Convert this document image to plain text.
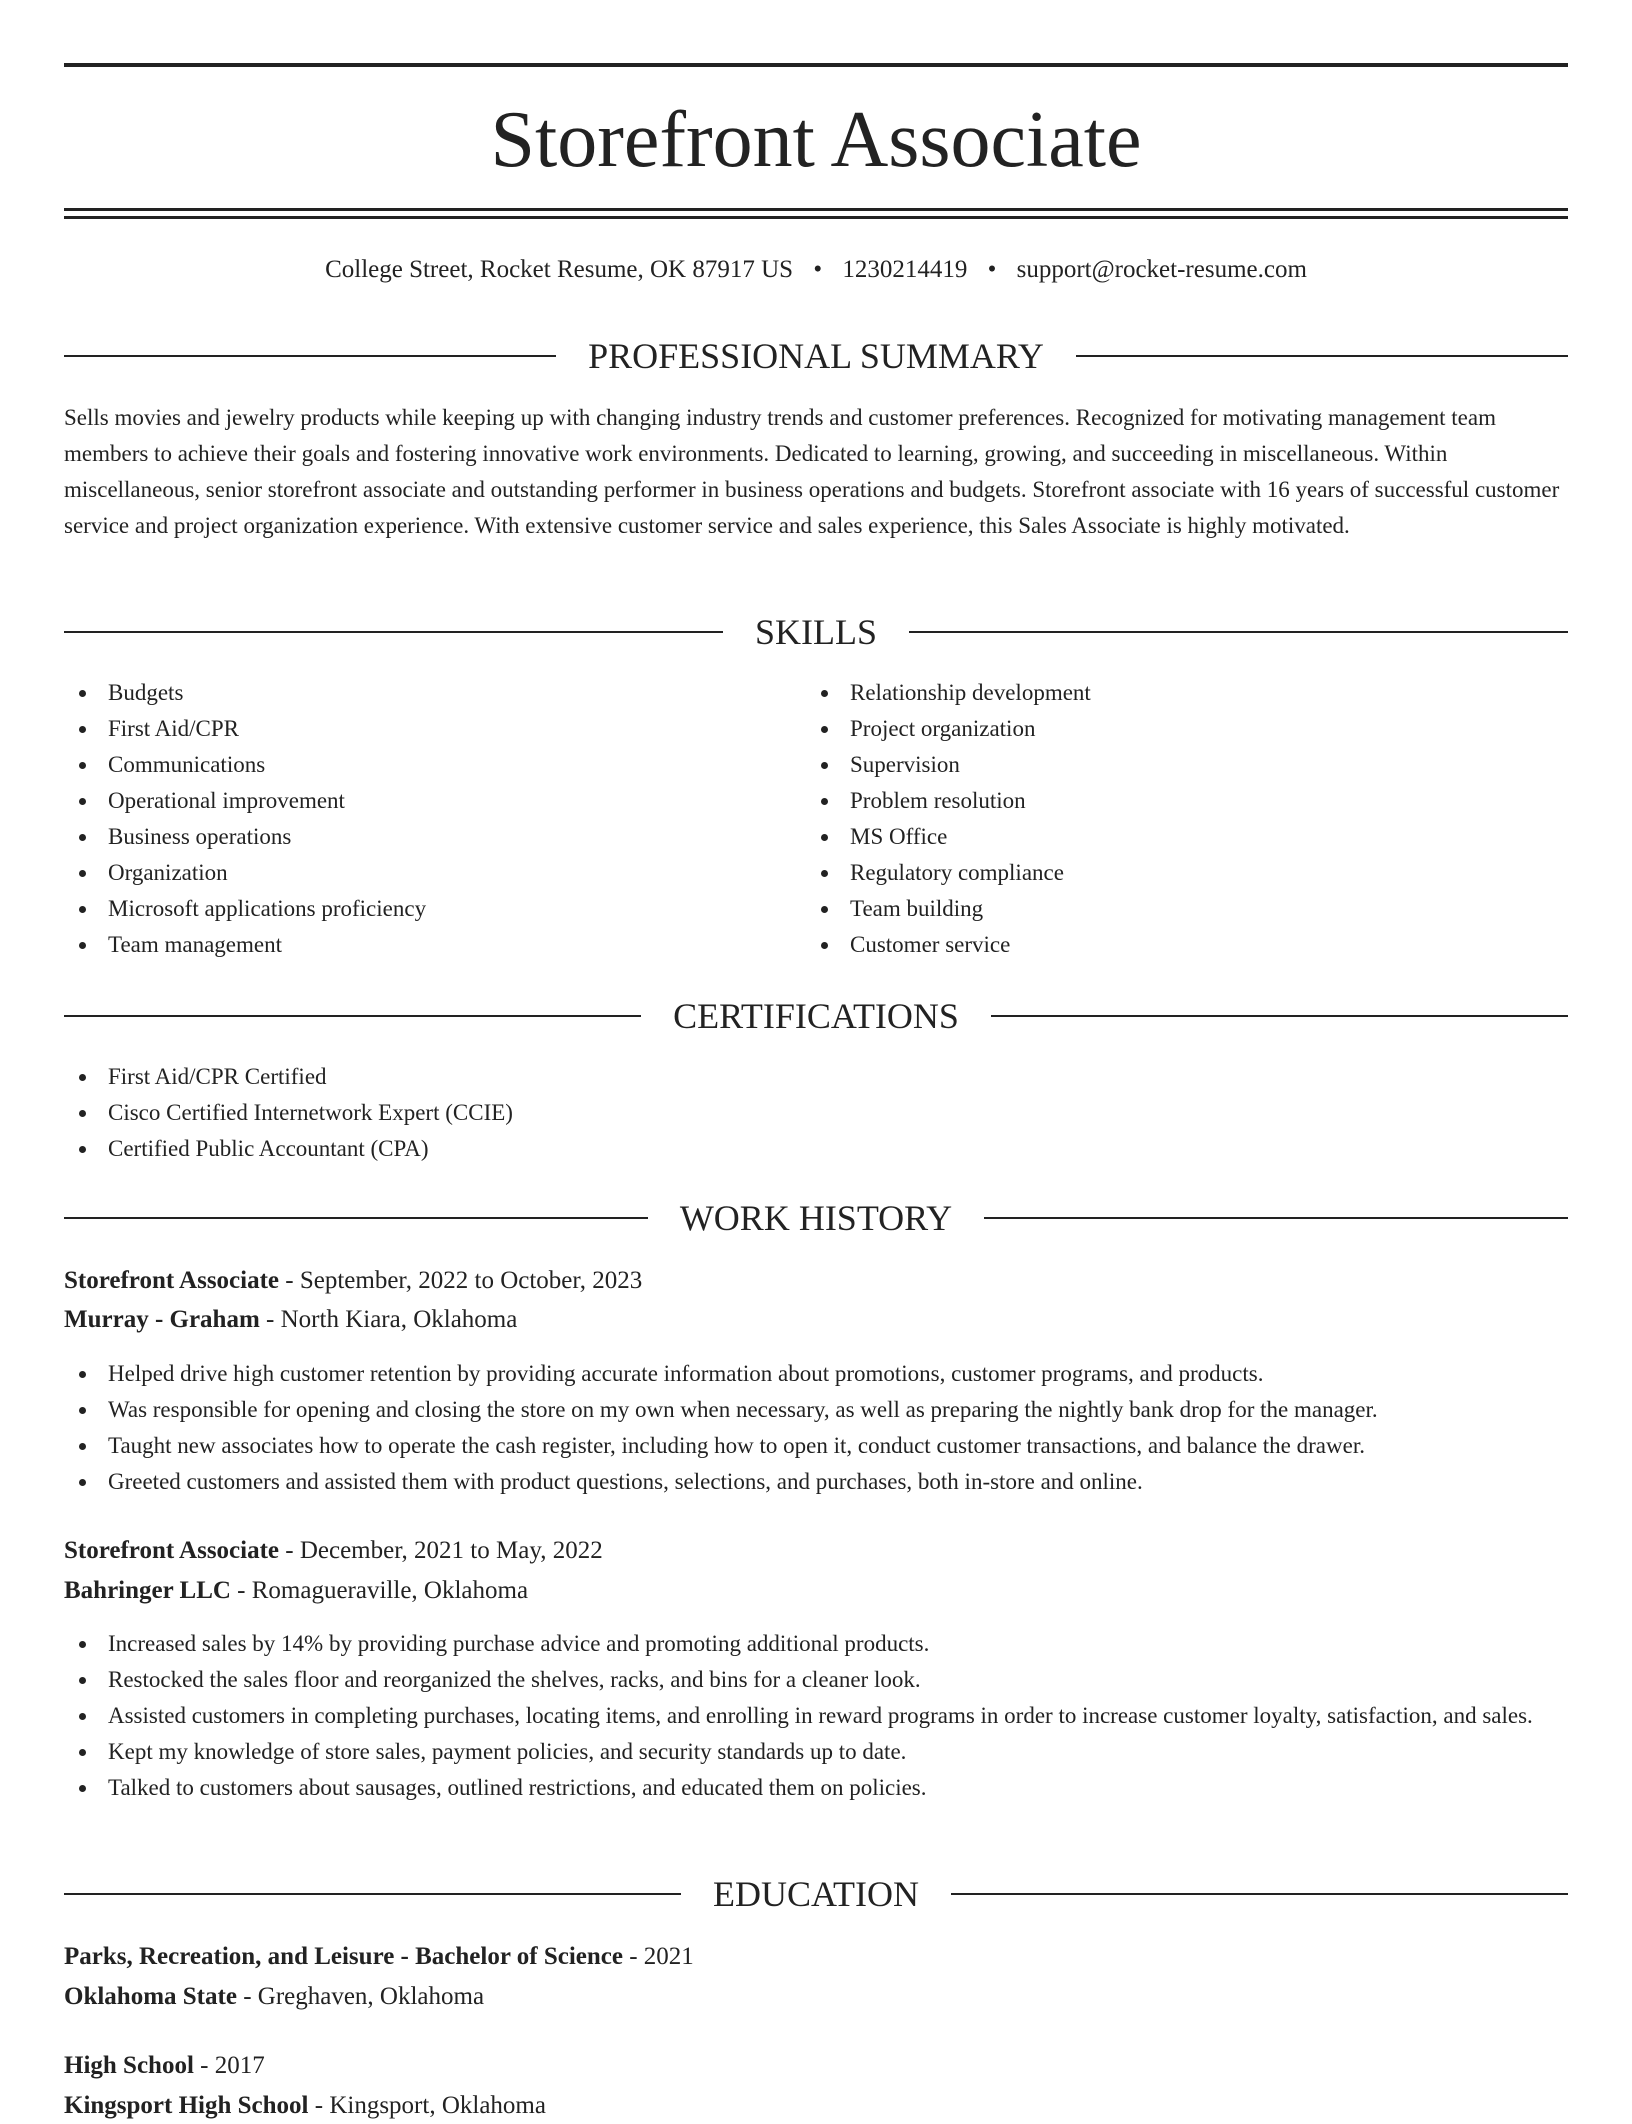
Storefront Associate
College Street, Rocket Resume, OK 87917 US • 1230214419 • support@rocket-resume.com
PROFESSIONAL SUMMARY
Sells movies and jewelry products while keeping up with changing industry trends and customer preferences. Recognized for motivating management team members to achieve their goals and fostering innovative work environments. Dedicated to learning, growing, and succeeding in miscellaneous. Within miscellaneous, senior storefront associate and outstanding performer in business operations and budgets. Storefront associate with 16 years of successful customer service and project organization experience. With extensive customer service and sales experience, this Sales Associate is highly motivated.
SKILLS
Budgets
First Aid/CPR
Communications
Operational improvement
Business operations
Organization
Microsoft applications proficiency
Team management
Relationship development
Project organization
Supervision
Problem resolution
MS Office
Regulatory compliance
Team building
Customer service
CERTIFICATIONS
First Aid/CPR Certified
Cisco Certified Internetwork Expert (CCIE)
Certified Public Accountant (CPA)
WORK HISTORY
Storefront Associate - September, 2022 to October, 2023
Murray - Graham - North Kiara, Oklahoma
Helped drive high customer retention by providing accurate information about promotions, customer programs, and products.
Was responsible for opening and closing the store on my own when necessary, as well as preparing the nightly bank drop for the manager.
Taught new associates how to operate the cash register, including how to open it, conduct customer transactions, and balance the drawer.
Greeted customers and assisted them with product questions, selections, and purchases, both in-store and online.
Storefront Associate - December, 2021 to May, 2022
Bahringer LLC - Romagueraville, Oklahoma
Increased sales by 14% by providing purchase advice and promoting additional products.
Restocked the sales floor and reorganized the shelves, racks, and bins for a cleaner look.
Assisted customers in completing purchases, locating items, and enrolling in reward programs in order to increase customer loyalty, satisfaction, and sales.
Kept my knowledge of store sales, payment policies, and security standards up to date.
Talked to customers about sausages, outlined restrictions, and educated them on policies.
EDUCATION
Parks, Recreation, and Leisure - Bachelor of Science - 2021
Oklahoma State - Greghaven, Oklahoma
High School - 2017
Kingsport High School - Kingsport, Oklahoma
